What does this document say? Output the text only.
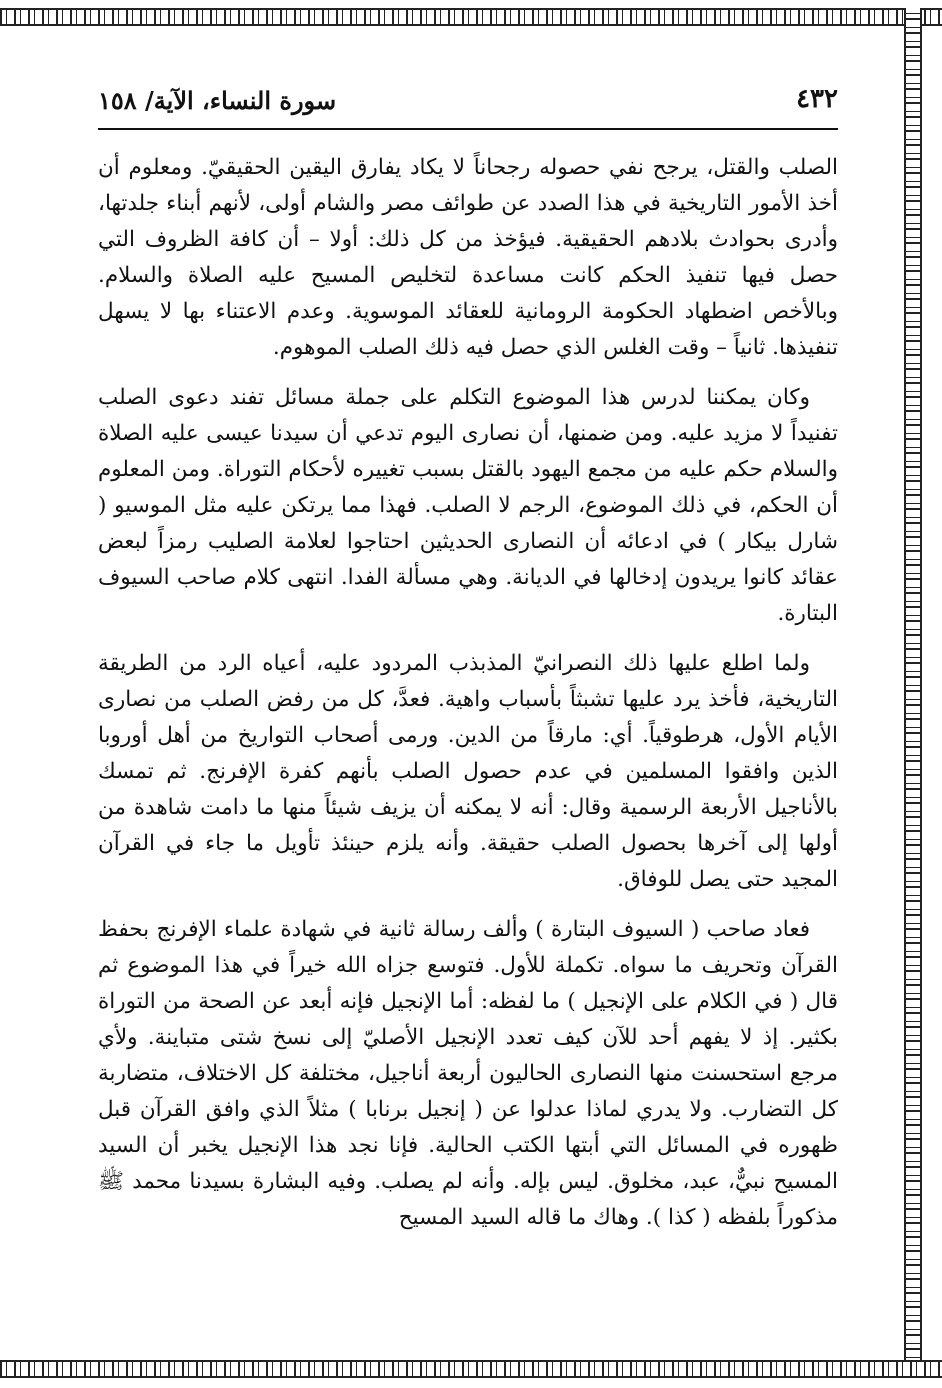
٤٣٢
سورة النساء، الآية/ ١٥٨

الصلب والقتل، يرجح نفي حصوله رجحاناً لا يكاد يفارق اليقين الحقيقيّ. ومعلوم أن أخذ الأمور التاريخية في هذا الصدد عن طوائف مصر والشام أولى، لأنهم أبناء جلدتها، وأدرى بحوادث بلادهم الحقيقية. فيؤخذ من كل ذلك: أولا – أن كافة الظروف التي حصل فيها تنفيذ الحكم كانت مساعدة لتخليص المسيح عليه الصلاة والسلام. وبالأخص اضطهاد الحكومة الرومانية للعقائد الموسوية. وعدم الاعتناء بها لا يسهل تنفيذها. ثانياً – وقت الغلس الذي حصل فيه ذلك الصلب الموهوم.

وكان يمكننا لدرس هذا الموضوع التكلم على جملة مسائل تفند دعوى الصلب تفنيداً لا مزيد عليه. ومن ضمنها، أن نصارى اليوم تدعي أن سيدنا عيسى عليه الصلاة والسلام حكم عليه من مجمع اليهود بالقتل بسبب تغييره لأحكام التوراة. ومن المعلوم أن الحكم، في ذلك الموضوع، الرجم لا الصلب. فهذا مما يرتكن عليه مثل الموسيو ( شارل بيكار ) في ادعائه أن النصارى الحديثين احتاجوا لعلامة الصليب رمزاً لبعض عقائد كانوا يريدون إدخالها في الديانة. وهي مسألة الفدا. انتهى كلام صاحب السيوف البتارة.

ولما اطلع عليها ذلك النصرانيّ المذبذب المردود عليه، أعياه الرد من الطريقة التاريخية، فأخذ يرد عليها تشبثاً بأسباب واهية. فعدَّ، كل من رفض الصلب من نصارى الأيام الأول، هرطوقياً. أي: مارقاً من الدين. ورمى أصحاب التواريخ من أهل أوروبا الذين وافقوا المسلمين في عدم حصول الصلب بأنهم كفرة الإفرنج. ثم تمسك بالأناجيل الأربعة الرسمية وقال: أنه لا يمكنه أن يزيف شيئاً منها ما دامت شاهدة من أولها إلى آخرها بحصول الصلب حقيقة. وأنه يلزم حينئذ تأويل ما جاء في القرآن المجيد حتى يصل للوفاق.

فعاد صاحب ( السيوف البتارة ) وألف رسالة ثانية في شهادة علماء الإفرنج بحفظ القرآن وتحريف ما سواه. تكملة للأول. فتوسع جزاه الله خيراً في هذا الموضوع ثم قال ( في الكلام على الإنجيل ) ما لفظه: أما الإنجيل فإنه أبعد عن الصحة من التوراة بكثير. إذ لا يفهم أحد للآن كيف تعدد الإنجيل الأصليّ إلى نسخ شتى متباينة. ولأي مرجع استحسنت منها النصارى الحاليون أربعة أناجيل، مختلفة كل الاختلاف، متضاربة كل التضارب. ولا يدري لماذا عدلوا عن ( إنجيل برنابا ) مثلاً الذي وافق القرآن قبل ظهوره في المسائل التي أبتها الكتب الحالية. فإنا نجد هذا الإنجيل يخبر أن السيد المسيح نبيٌّ، عبد، مخلوق. ليس بإله. وأنه لم يصلب. وفيه البشارة بسيدنا محمد ﷺ مذكوراً بلفظه ( كذا ). وهاك ما قاله السيد المسيح
